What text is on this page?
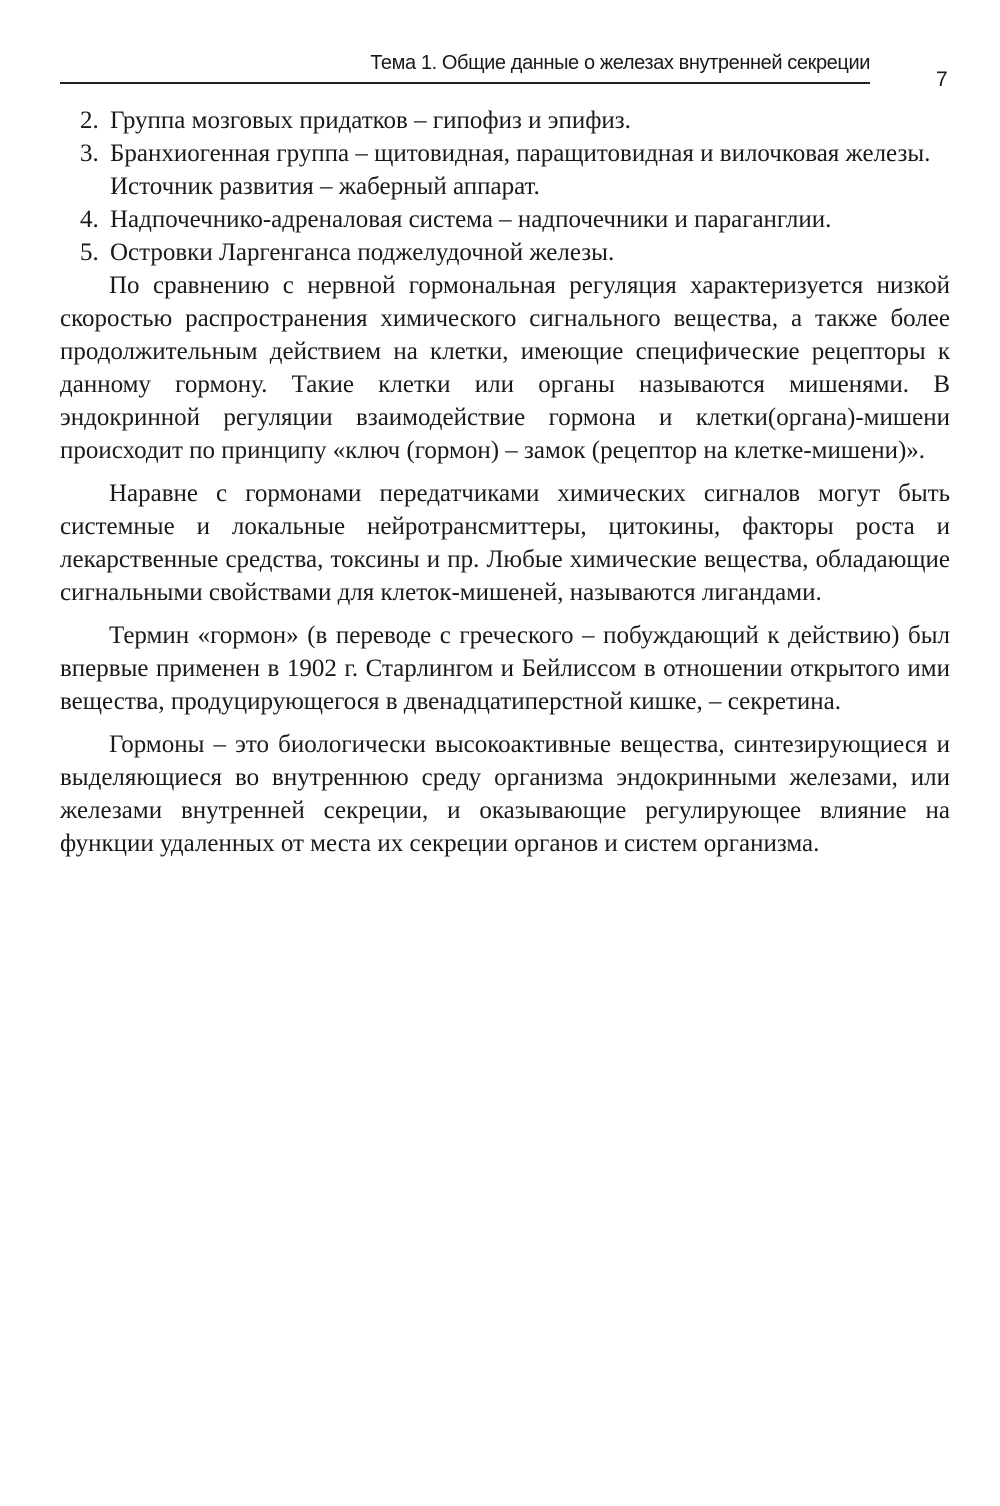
Тема 1. Общие данные о железах внутренней секреции
7

2. Группа мозговых придатков – гипофиз и эпифиз.

3. Бранхиогенная группа – щитовидная, паращитовидная и вилочковая железы. Источник развития – жаберный аппарат.

4. Надпочечнико-адреналовая система – надпочечники и параганглии.

5. Островки Ларгенганса поджелудочной железы.

По сравнению с нервной гормональная регуляция характеризуется низкой скоростью распространения химического сигнального вещества, а также более продолжительным действием на клетки, имеющие специфические рецепторы к данному гормону. Такие клетки или органы называются мишенями. В эндокринной регуляции взаимодействие гормона и клетки(органа)-мишени происходит по принципу «ключ (гормон) – замок (рецептор на клетке-мишени)».

Наравне с гормонами передатчиками химических сигналов могут быть системные и локальные нейротрансмиттеры, цитокины, факторы роста и лекарственные средства, токсины и пр. Любые химические вещества, обладающие сигнальными свойствами для клеток-мишеней, называются лигандами.

Термин «гормон» (в переводе с греческого – побуждающий к действию) был впервые применен в 1902 г. Старлингом и Бейлиссом в отношении открытого ими вещества, продуцирующегося в двенадцатиперстной кишке, – секретина.

Гормоны – это биологически высокоактивные вещества, синтезирующиеся и выделяющиеся во внутреннюю среду организма эндокринными железами, или железами внутренней секреции, и оказывающие регулирующее влияние на функции удаленных от места их секреции органов и систем организма.
